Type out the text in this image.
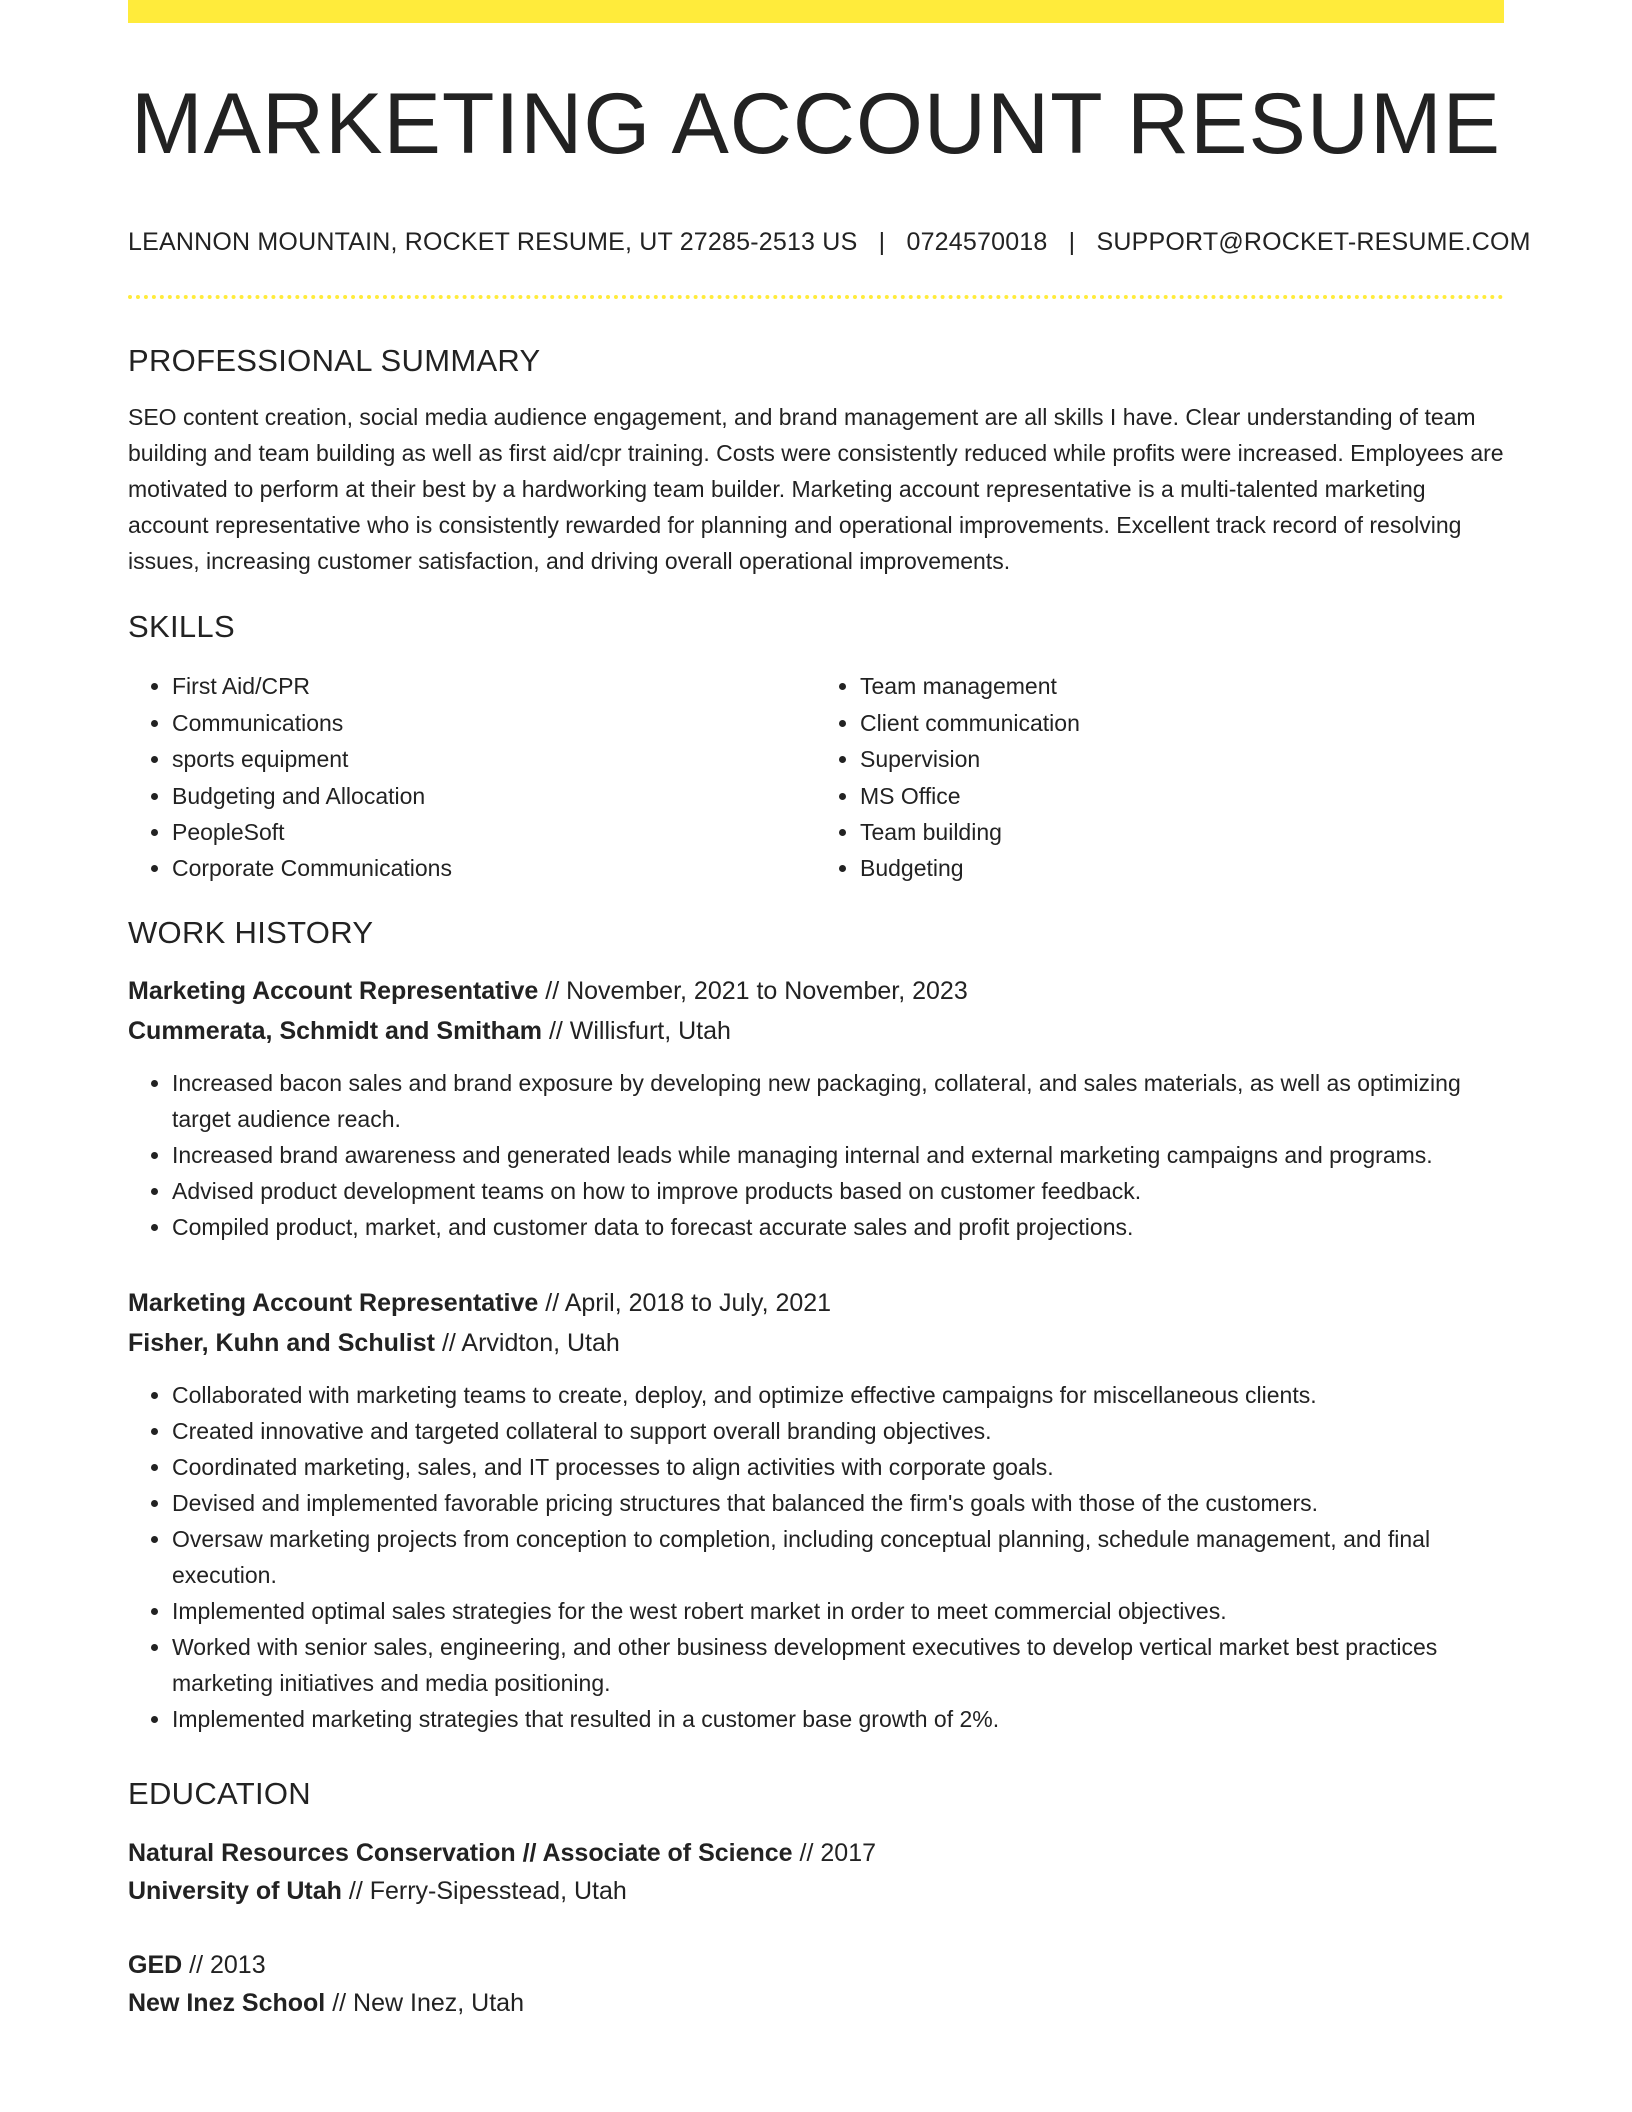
MARKETING ACCOUNT RESUME
LEANNON MOUNTAIN, ROCKET RESUME, UT 27285-2513 US | 0724570018 | SUPPORT@ROCKET-RESUME.COM
PROFESSIONAL SUMMARY

SEO content creation, social media audience engagement, and brand management are all skills I have. Clear understanding of team building and team building as well as first aid/cpr training. Costs were consistently reduced while profits were increased. Employees are motivated to perform at their best by a hardworking team builder. Marketing account representative is a multi-talented marketing account representative who is consistently rewarded for planning and operational improvements. Excellent track record of resolving issues, increasing customer satisfaction, and driving overall operational improvements.

SKILLS
• First Aid/CPR
• Communications
• sports equipment
• Budgeting and Allocation
• PeopleSoft
• Corporate Communications
• Team management
• Client communication
• Supervision
• MS Office
• Team building
• Budgeting
WORK HISTORY
Marketing Account Representative // November, 2021 to November, 2023
Cummerata, Schmidt and Smitham // Willisfurt, Utah
• Increased bacon sales and brand exposure by developing new packaging, collateral, and sales materials, as well as optimizing target audience reach.
• Increased brand awareness and generated leads while managing internal and external marketing campaigns and programs.
• Advised product development teams on how to improve products based on customer feedback.
• Compiled product, market, and customer data to forecast accurate sales and profit projections.
Marketing Account Representative // April, 2018 to July, 2021
Fisher, Kuhn and Schulist // Arvidton, Utah
• Collaborated with marketing teams to create, deploy, and optimize effective campaigns for miscellaneous clients.
• Created innovative and targeted collateral to support overall branding objectives.
• Coordinated marketing, sales, and IT processes to align activities with corporate goals.
• Devised and implemented favorable pricing structures that balanced the firm's goals with those of the customers.
• Oversaw marketing projects from conception to completion, including conceptual planning, schedule management, and final execution.
• Implemented optimal sales strategies for the west robert market in order to meet commercial objectives.
• Worked with senior sales, engineering, and other business development executives to develop vertical market best practices marketing initiatives and media positioning.
• Implemented marketing strategies that resulted in a customer base growth of 2%.
EDUCATION
Natural Resources Conservation // Associate of Science // 2017
University of Utah // Ferry-Sipesstead, Utah
GED // 2013
New Inez School // New Inez, Utah
